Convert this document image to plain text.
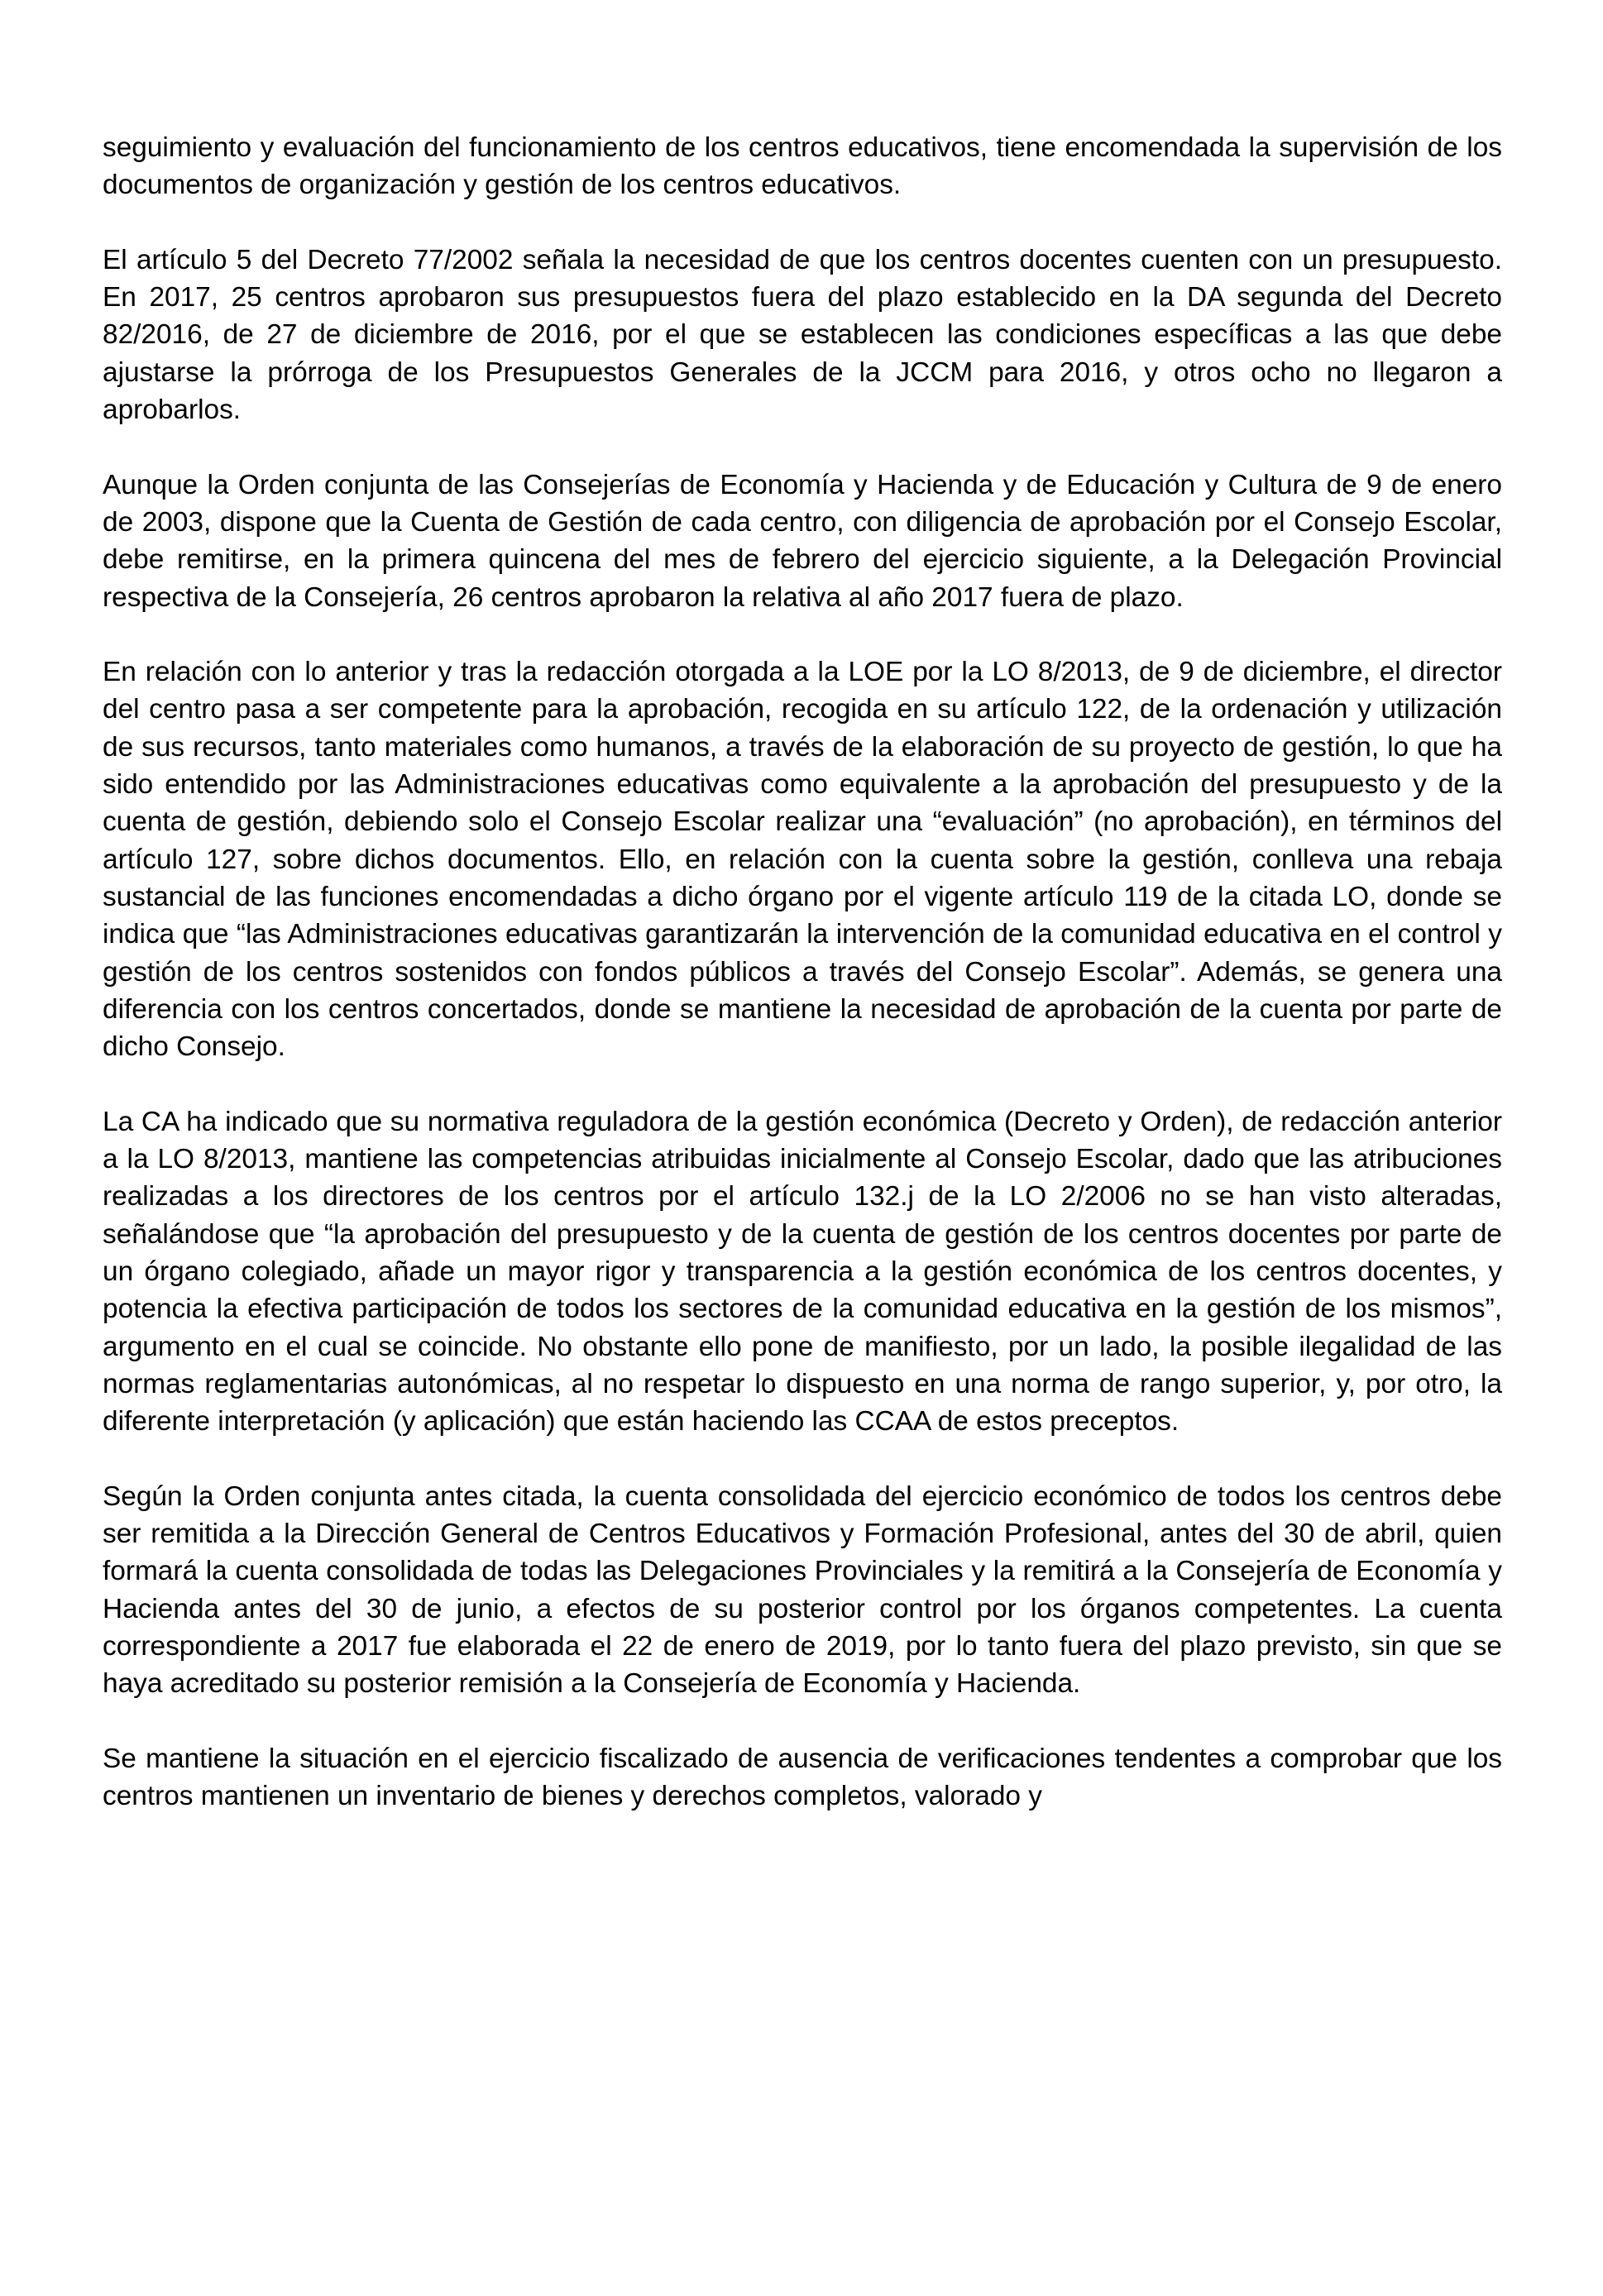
seguimiento y evaluación del funcionamiento de los centros educativos, tiene encomendada la supervisión de los documentos de organización y gestión de los centros educativos.

El artículo 5 del Decreto 77/2002 señala la necesidad de que los centros docentes cuenten con un presupuesto. En 2017, 25 centros aprobaron sus presupuestos fuera del plazo establecido en la DA segunda del Decreto 82/2016, de 27 de diciembre de 2016, por el que se establecen las condiciones específicas a las que debe ajustarse la prórroga de los Presupuestos Generales de la JCCM para 2016, y otros ocho no llegaron a aprobarlos.

Aunque la Orden conjunta de las Consejerías de Economía y Hacienda y de Educación y Cultura de 9 de enero de 2003, dispone que la Cuenta de Gestión de cada centro, con diligencia de aprobación por el Consejo Escolar, debe remitirse, en la primera quincena del mes de febrero del ejercicio siguiente, a la Delegación Provincial respectiva de la Consejería, 26 centros aprobaron la relativa al año 2017 fuera de plazo.

En relación con lo anterior y tras la redacción otorgada a la LOE por la LO 8/2013, de 9 de diciembre, el director del centro pasa a ser competente para la aprobación, recogida en su artículo 122, de la ordenación y utilización de sus recursos, tanto materiales como humanos, a través de la elaboración de su proyecto de gestión, lo que ha sido entendido por las Administraciones educativas como equivalente a la aprobación del presupuesto y de la cuenta de gestión, debiendo solo el Consejo Escolar realizar una “evaluación” (no aprobación), en términos del artículo 127, sobre dichos documentos. Ello, en relación con la cuenta sobre la gestión, conlleva una rebaja sustancial de las funciones encomendadas a dicho órgano por el vigente artículo 119 de la citada LO, donde se indica que “las Administraciones educativas garantizarán la intervención de la comunidad educativa en el control y gestión de los centros sostenidos con fondos públicos a través del Consejo Escolar”. Además, se genera una diferencia con los centros concertados, donde se mantiene la necesidad de aprobación de la cuenta por parte de dicho Consejo.

La CA ha indicado que su normativa reguladora de la gestión económica (Decreto y Orden), de redacción anterior a la LO 8/2013, mantiene las competencias atribuidas inicialmente al Consejo Escolar, dado que las atribuciones realizadas a los directores de los centros por el artículo 132.j de la LO 2/2006 no se han visto alteradas, señalándose que “la aprobación del presupuesto y de la cuenta de gestión de los centros docentes por parte de un órgano colegiado, añade un mayor rigor y transparencia a la gestión económica de los centros docentes, y potencia la efectiva participación de todos los sectores de la comunidad educativa en la gestión de los mismos”, argumento en el cual se coincide. No obstante ello pone de manifiesto, por un lado, la posible ilegalidad de las normas reglamentarias autonómicas, al no respetar lo dispuesto en una norma de rango superior, y, por otro, la diferente interpretación (y aplicación) que están haciendo las CCAA de estos preceptos.

Según la Orden conjunta antes citada, la cuenta consolidada del ejercicio económico de todos los centros debe ser remitida a la Dirección General de Centros Educativos y Formación Profesional, antes del 30 de abril, quien formará la cuenta consolidada de todas las Delegaciones Provinciales y la remitirá a la Consejería de Economía y Hacienda antes del 30 de junio, a efectos de su posterior control por los órganos competentes. La cuenta correspondiente a 2017 fue elaborada el 22 de enero de 2019, por lo tanto fuera del plazo previsto, sin que se haya acreditado su posterior remisión a la Consejería de Economía y Hacienda.

Se mantiene la situación en el ejercicio fiscalizado de ausencia de verificaciones tendentes a comprobar que los centros mantienen un inventario de bienes y derechos completos, valorado y
